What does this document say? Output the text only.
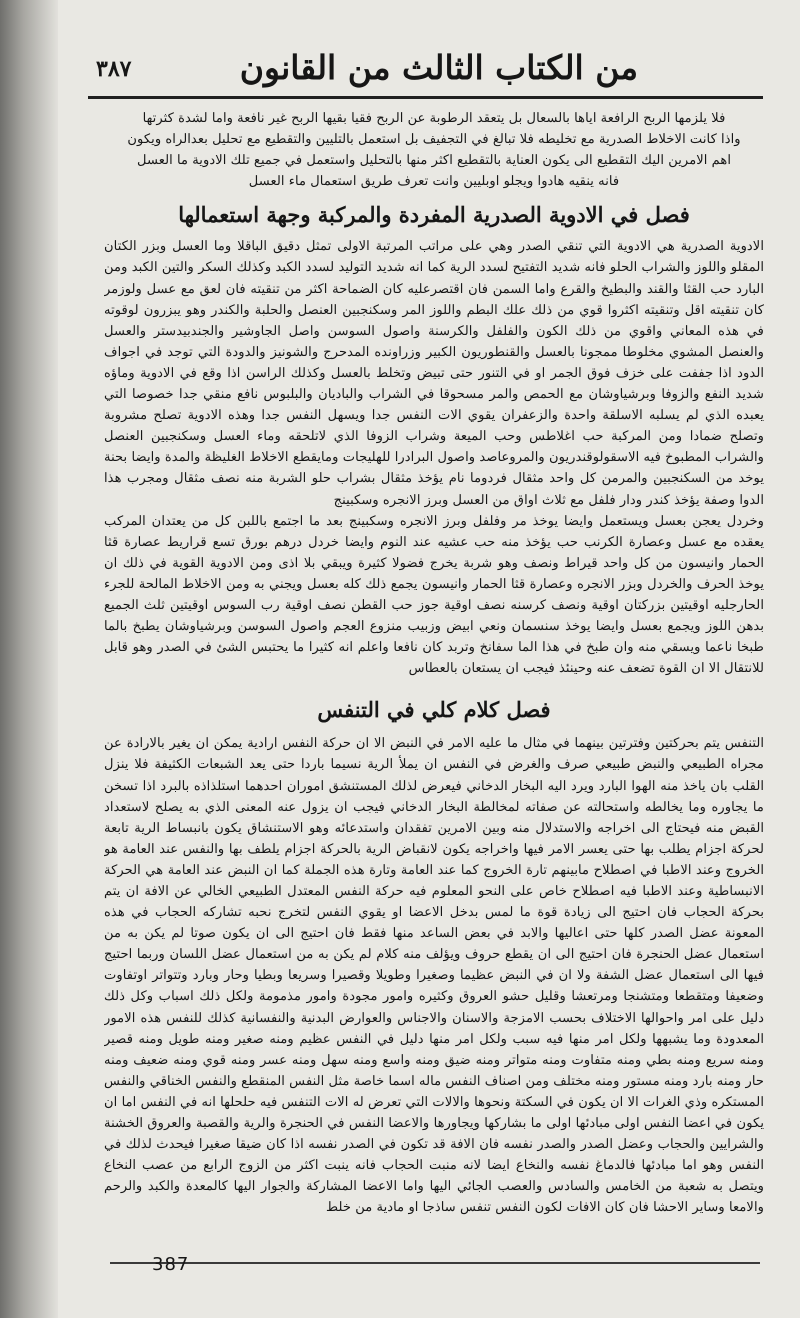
من الكتاب الثالث من القانون
٣٨٧

فلا يلزمها الربح الرافعة اياها بالسعال بل يتعقد الرطوبة عن الربح فقيا بقيها الربح غير نافعة واما لشدة كثرتها

واذا كانت الاخلاط الصدرية مع تخليطه فلا تبالغ في التجفيف بل استعمل بالتليين والتقطيع مع تحليل بعدالراه ويكون

اهم الامرين اليك التقطيع الى يكون العناية بالتقطيع اكثر منها بالتحليل واستعمل في جميع تلك الادوية ما العسل

فانه ينقيه هادوا ويجلو اوبليين وانت تعرف طريق استعمال ماء العسل

فصل في الادوية الصدرية المفردة والمركبة وجهة استعمالها

الادوية الصدرية هي الادوية التي تنقي الصدر وهي على مراتب المرتبة الاولى تمثل دقيق الباقلا وما العسل وبزر الكتان المقلو واللوز والشراب الحلو فانه شديد التفتيح لسدد الرية كما انه شديد التوليد لسدد الكبد وكذلك السكر والتين الكبد ومن البارد حب القثا والقند والبطيخ والقرع واما السمن فان اقتصرعليه كان الضماحة اكثر من تنقيته فان لعق مع عسل ولوزمر كان تنقيته اقل وتنقيته اكثروا قوي من ذلك علك البطم واللوز المر وسكنجبين العنصل والحلبة والكندر وهو يبزرون لوقوته في هذه المعاني واقوي من ذلك الكون والفلفل والكرسنة واصول السوسن واصل الجاوشير والجندبيدستر والعسل والعنصل المشوي مخلوطا ممجونا بالعسل والقنطوريون الكبير وزراونده المدحرج والشونيز والدودة التي توجد في اجواف الدود اذا جففت على خزف فوق الجمر او في التنور حتى تبيض وتخلط بالعسل وكذلك الراسن اذا وقع في الادوية وماؤه شديد النفع والزوفا وبرشياوشان مع الحمص والمر مسحوقا في الشراب والباديان والبلبوس نافع منقي جدا خصوصا التي يعبده الذي لم يسلبه الاسلقة واحدة والزعفران يقوي الات النفس جدا ويسهل النفس جدا وهذه الادوية تصلح مشروبة وتصلح ضمادا ومن المركبة حب اغلاطس وحب الميعة وشراب الزوفا الذي لاتلحقه وماء العسل وسكنجبين العنصل والشراب المطبوخ فيه الاسقولوقندريون والمروعاصد واصول البرادرا للهليجات ومايقطع الاخلاط الغليظة والمدة وايضا بحنة يوخد من السكنجبين والمرمن كل واحد مثقال فردوما نام يؤخذ مثقال بشراب حلو الشربة منه نصف مثقال ومجرب هذا الدوا وصفة يؤخذ كندر ودار فلفل مع ثلاث اواق من العسل وبرز الانجره وسكبينج

وخردل يعجن بعسل ويستعمل وايضا يوخذ مر وفلفل وبرز الانجره وسكبينج بعد ما اجتمع باللبن كل من يعتدان المركب يعقده مع عسل وعصارة الكرنب حب يؤخذ منه حب عشيه عند النوم وايضا خردل درهم بورق تسع قراريط عصارة قثا الحمار وانيسون من كل واحد قيراط ونصف وهو شربة يخرج فضولا كثيرة ويبقي بلا اذى ومن الادوية القوية في ذلك ان يوخذ الحرف والخردل وبزر الانجره وعصارة قثا الحمار وانيسون يجمع ذلك كله بعسل ويجني به ومن الاخلاط المالحة للجرء الحارجليه اوقيتين بزركتان اوقية ونصف كرسنه نصف اوقية جوز حب القطن نصف اوقية رب السوس اوقيتين ثلث الجميع بدهن اللوز ويجمع بعسل وايضا يوخذ سنسمان ونعي ابيض وزبيب منزوع العجم واصول السوسن وبرشياوشان يطبخ بالما طبخا ناعما ويسقي منه وان طبخ في هذا الما سفانخ وتربد كان نافعا واعلم انه كثيرا ما يحتبس الشئ في الصدر وهو قابل للانتقال الا ان القوة تضعف عنه وحينئذ فيجب ان يستعان بالعطاس

فصل كلام كلي في التنفس

التنفس يتم بحركتين وفترتين بينهما في مثال ما عليه الامر في النبض الا ان حركة النفس ارادية يمكن ان يغير بالارادة عن مجراه الطبيعي والنبض طبيعي صرف والغرض في النفس ان يملأ الرية نسيما باردا حتى يعد الشبعات الكثيفة فلا ينزل القلب بان ياخذ منه الهوا البارد ويرد اليه البخار الدخاني فيعرض لذلك المستنشق اموران احدهما استلذاذه بالبرد اذا تسخن ما يجاوره وما يخالطه واستحالته عن صفاته لمخالطة البخار الدخاني فيجب ان يزول عنه المعنى الذي به يصلح لاستعداد القبض منه فيحتاج الى اخراجه والاستدلال منه وبين الامرين تفقدان واستدعائه وهو الاستنشاق يكون بانبساط الرية تابعة لحركة اجزام يطلب بها حتى يعسر الامر فيها واخراجه يكون لانقباض الرية بالحركة اجزام يلطف بها والنفس عند العامة هو الخروج وعند الاطبا في اصطلاح مابينهم تارة الخروج كما عند العامة وتارة هذه الجملة كما ان النبض عند العامة هي الحركة الانبساطية وعند الاطبا فيه اصطلاح خاص على النحو المعلوم فيه حركة النفس المعتدل الطبيعي الخالي عن الافة ان يتم بحركة الحجاب فان احتيج الى زيادة قوة ما لمس بدخل الاعضا او يقوي النفس لتخرج نحبه تشاركه الحجاب في هذه المعونة عضل الصدر كلها حتى اعاليها والابد في بعض الساعد منها فقط فان احتيج الى ان يكون صوتا لم يكن به من استعمال عضل الحنجرة فان احتيج الى ان يقطع حروف ويؤلف منه كلام لم يكن به من استعمال عضل اللسان وربما احتيج فيها الى استعمال عضل الشفة ولا ان في النبض عظيما وصغيرا وطويلا وقصيرا وسريعا وبطيا وحار وبارد وتتواتر اوتفاوت وضعيفا ومتقطعا ومتشنجا ومرتعشا وقليل حشو العروق وكثيره وامور مجودة وامور مذمومة ولكل ذلك اسباب وكل ذلك دليل على امر واحوالها الاختلاف بحسب الامزجة والاسنان والاجناس والعوارض البدنية والنفسانية كذلك للنفس هذه الامور المعدودة وما يشبهها ولكل امر منها فيه سبب ولكل امر منها دليل في النفس عظيم ومنه صغير ومنه طويل ومنه قصير ومنه سريع ومنه بطي ومنه متفاوت ومنه متواتر ومنه ضيق ومنه واسع ومنه سهل ومنه عسر ومنه قوي ومنه ضعيف ومنه حار ومنه بارد ومنه مستور ومنه مختلف ومن اصناف النفس ماله اسما خاصة مثل النفس المنقطع والنفس الخناقي والنفس المستكره وذي الغرات الا ان يكون في السكتة ونحوها والالات التي تعرض له الات التنفس فيه حلحلها انه في النفس اما ان يكون في اعضا النفس اولى مبادئها اولى ما بشاركها ويجاورها والاعضا النفس في الحنجرة والرية والقصبة والعروق الخشنة والشرايين والحجاب وعضل الصدر والصدر نفسه فان الافة قد تكون في الصدر نفسه اذا كان ضيقا صغيرا فيحدث لذلك في النفس وهو اما مبادئها فالدماغ نفسه والنخاع ايضا لانه منبت الحجاب فانه ينبت اكثر من الزوج الرابع من عصب النخاع ويتصل به شعبة من الخامس والسادس والعصب الجائي اليها واما الاعضا المشاركة والجوار اليها كالمعدة والكبد والرحم والامعا وساير الاحشا فان كان الافات لكون النفس تنفس ساذجا او مادية من خلط

387
